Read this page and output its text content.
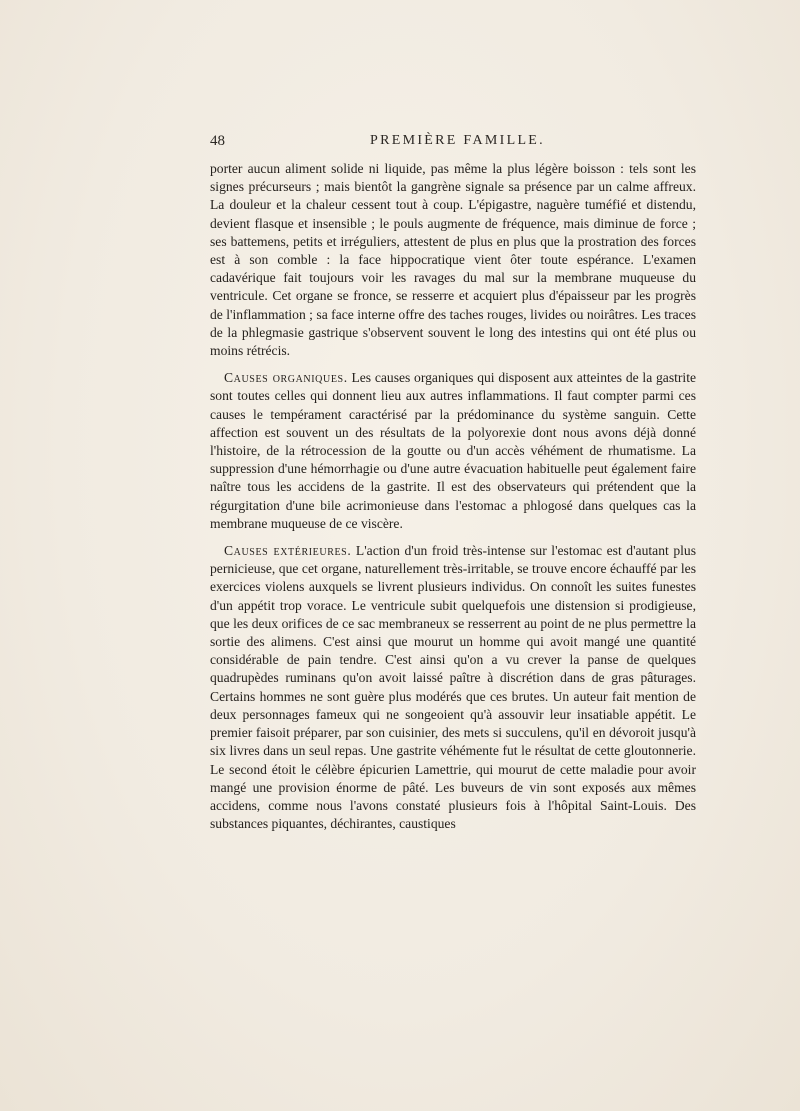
48	PREMIÈRE FAMILLE.

porter aucun aliment solide ni liquide, pas même la plus légère boisson : tels sont les signes précurseurs ; mais bientôt la gangrène signale sa présence par un calme affreux. La douleur et la chaleur cessent tout à coup. L'épigastre, naguère tuméfié et distendu, devient flasque et insensible ; le pouls augmente de fréquence, mais diminue de force ; ses battemens, petits et irréguliers, attestent de plus en plus que la prostration des forces est à son comble : la face hippocratique vient ôter toute espérance. L'examen cadavérique fait toujours voir les ravages du mal sur la membrane muqueuse du ventricule. Cet organe se fronce, se resserre et acquiert plus d'épaisseur par les progrès de l'inflammation ; sa face interne offre des taches rouges, livides ou noirâtres. Les traces de la phlegmasie gastrique s'observent souvent le long des intestins qui ont été plus ou moins rétrécis.

Causes organiques. Les causes organiques qui disposent aux atteintes de la gastrite sont toutes celles qui donnent lieu aux autres inflammations. Il faut compter parmi ces causes le tempérament caractérisé par la prédominance du système sanguin. Cette affection est souvent un des résultats de la polyorexie dont nous avons déjà donné l'histoire, de la rétrocession de la goutte ou d'un accès véhément de rhumatisme. La suppression d'une hémorrhagie ou d'une autre évacuation habituelle peut également faire naître tous les accidens de la gastrite. Il est des observateurs qui prétendent que la régurgitation d'une bile acrimonieuse dans l'estomac a phlogosé dans quelques cas la membrane muqueuse de ce viscère.

Causes extérieures. L'action d'un froid très-intense sur l'estomac est d'autant plus pernicieuse, que cet organe, naturellement très-irritable, se trouve encore échauffé par les exercices violens auxquels se livrent plusieurs individus. On connoît les suites funestes d'un appétit trop vorace. Le ventricule subit quelquefois une distension si prodigieuse, que les deux orifices de ce sac membraneux se resserrent au point de ne plus permettre la sortie des alimens. C'est ainsi que mourut un homme qui avoit mangé une quantité considérable de pain tendre. C'est ainsi qu'on a vu crever la panse de quelques quadrupèdes ruminans qu'on avoit laissé paître à discrétion dans de gras pâturages. Certains hommes ne sont guère plus modérés que ces brutes. Un auteur fait mention de deux personnages fameux qui ne songeoient qu'à assouvir leur insatiable appétit. Le premier faisoit préparer, par son cuisinier, des mets si succulens, qu'il en dévoroit jusqu'à six livres dans un seul repas. Une gastrite véhémente fut le résultat de cette gloutonnerie. Le second étoit le célèbre épicurien Lamettrie, qui mourut de cette maladie pour avoir mangé une provision énorme de pâté. Les buveurs de vin sont exposés aux mêmes accidens, comme nous l'avons constaté plusieurs fois à l'hôpital Saint-Louis. Des substances piquantes, déchirantes, caustiques
